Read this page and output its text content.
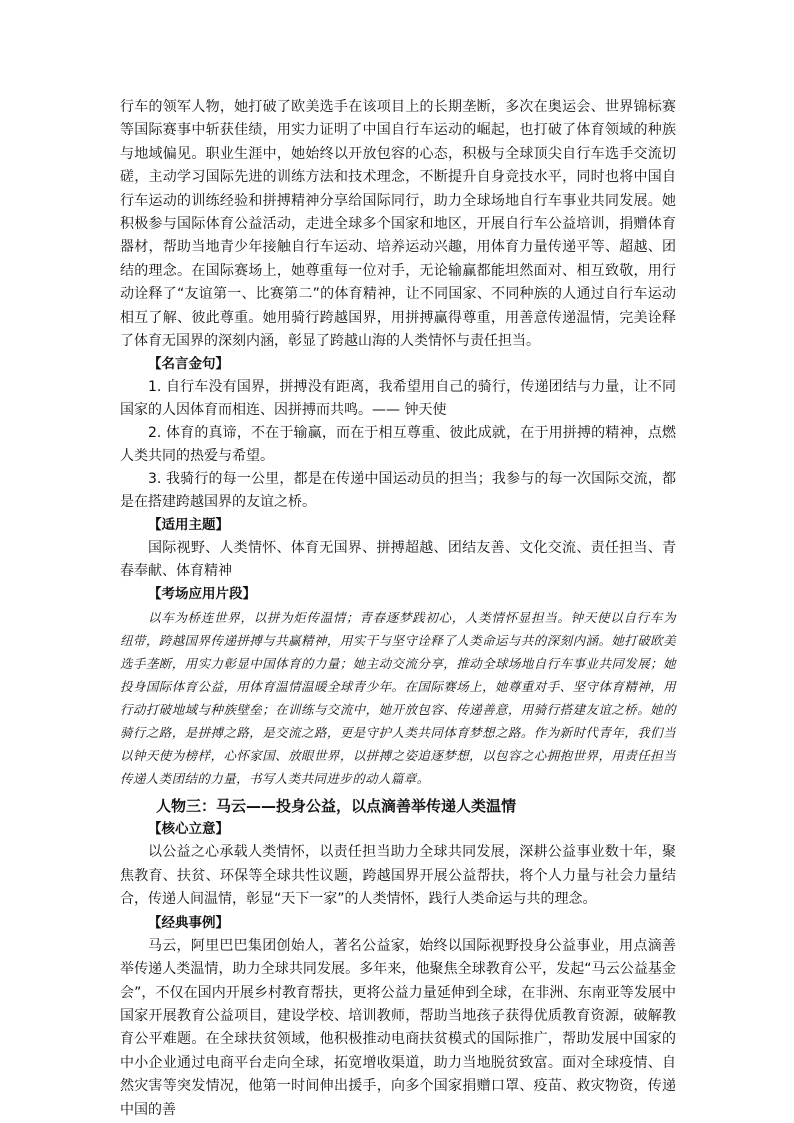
行车的领军人物，她打破了欧美选手在该项目上的长期垄断，多次在奥运会、世界锦标赛等国际赛事中斩获佳绩，用实力证明了中国自行车运动的崛起，也打破了体育领域的种族与地域偏见。职业生涯中，她始终以开放包容的心态，积极与全球顶尖自行车选手交流切磋，主动学习国际先进的训练方法和技术理念，不断提升自身竞技水平，同时也将中国自行车运动的训练经验和拼搏精神分享给国际同行，助力全球场地自行车事业共同发展。她积极参与国际体育公益活动，走进全球多个国家和地区，开展自行车公益培训，捐赠体育器材，帮助当地青少年接触自行车运动、培养运动兴趣，用体育力量传递平等、超越、团结的理念。在国际赛场上，她尊重每一位对手，无论输赢都能坦然面对、相互致敬，用行动诠释了“友谊第一、比赛第二”的体育精神，让不同国家、不同种族的人通过自行车运动相互了解、彼此尊重。她用骑行跨越国界，用拼搏赢得尊重，用善意传递温情，完美诠释了体育无国界的深刻内涵，彰显了跨越山海的人类情怀与责任担当。

【名言金句】

1. 自行车没有国界，拼搏没有距离，我希望用自己的骑行，传递团结与力量，让不同国家的人因体育而相连、因拼搏而共鸣。—— 钟天使

2. 体育的真谛，不在于输赢，而在于相互尊重、彼此成就，在于用拼搏的精神，点燃人类共同的热爱与希望。

3. 我骑行的每一公里，都是在传递中国运动员的担当；我参与的每一次国际交流，都是在搭建跨越国界的友谊之桥。

【适用主题】

国际视野、人类情怀、体育无国界、拼搏超越、团结友善、文化交流、责任担当、青春奉献、体育精神

【考场应用片段】

以车为桥连世界，以拼为炬传温情；青春逐梦践初心，人类情怀显担当。钟天使以自行车为纽带，跨越国界传递拼搏与共赢精神，用实干与坚守诠释了人类命运与共的深刻内涵。她打破欧美选手垄断，用实力彰显中国体育的力量；她主动交流分享，推动全球场地自行车事业共同发展；她投身国际体育公益，用体育温情温暖全球青少年。在国际赛场上，她尊重对手、坚守体育精神，用行动打破地域与种族壁垒；在训练与交流中，她开放包容、传递善意，用骑行搭建友谊之桥。她的骑行之路，是拼搏之路，是交流之路，更是守护人类共同体育梦想之路。作为新时代青年，我们当以钟天使为榜样，心怀家国、放眼世界，以拼搏之姿追逐梦想，以包容之心拥抱世界，用责任担当传递人类团结的力量，书写人类共同进步的动人篇章。

人物三：马云——投身公益，以点滴善举传递人类温情

【核心立意】

以公益之心承载人类情怀，以责任担当助力全球共同发展，深耕公益事业数十年，聚焦教育、扶贫、环保等全球共性议题，跨越国界开展公益帮扶，将个人力量与社会力量结合，传递人间温情，彰显“天下一家”的人类情怀，践行人类命运与共的理念。

【经典事例】

马云，阿里巴巴集团创始人，著名公益家，始终以国际视野投身公益事业，用点滴善举传递人类温情，助力全球共同发展。多年来，他聚焦全球教育公平，发起“马云公益基金会”，不仅在国内开展乡村教育帮扶，更将公益力量延伸到全球，在非洲、东南亚等发展中国家开展教育公益项目，建设学校、培训教师，帮助当地孩子获得优质教育资源，破解教育公平难题。在全球扶贫领域，他积极推动电商扶贫模式的国际推广，帮助发展中国家的中小企业通过电商平台走向全球，拓宽增收渠道，助力当地脱贫致富。面对全球疫情、自然灾害等突发情况，他第一时间伸出援手，向多个国家捐赠口罩、疫苗、救灾物资，传递中国的善
